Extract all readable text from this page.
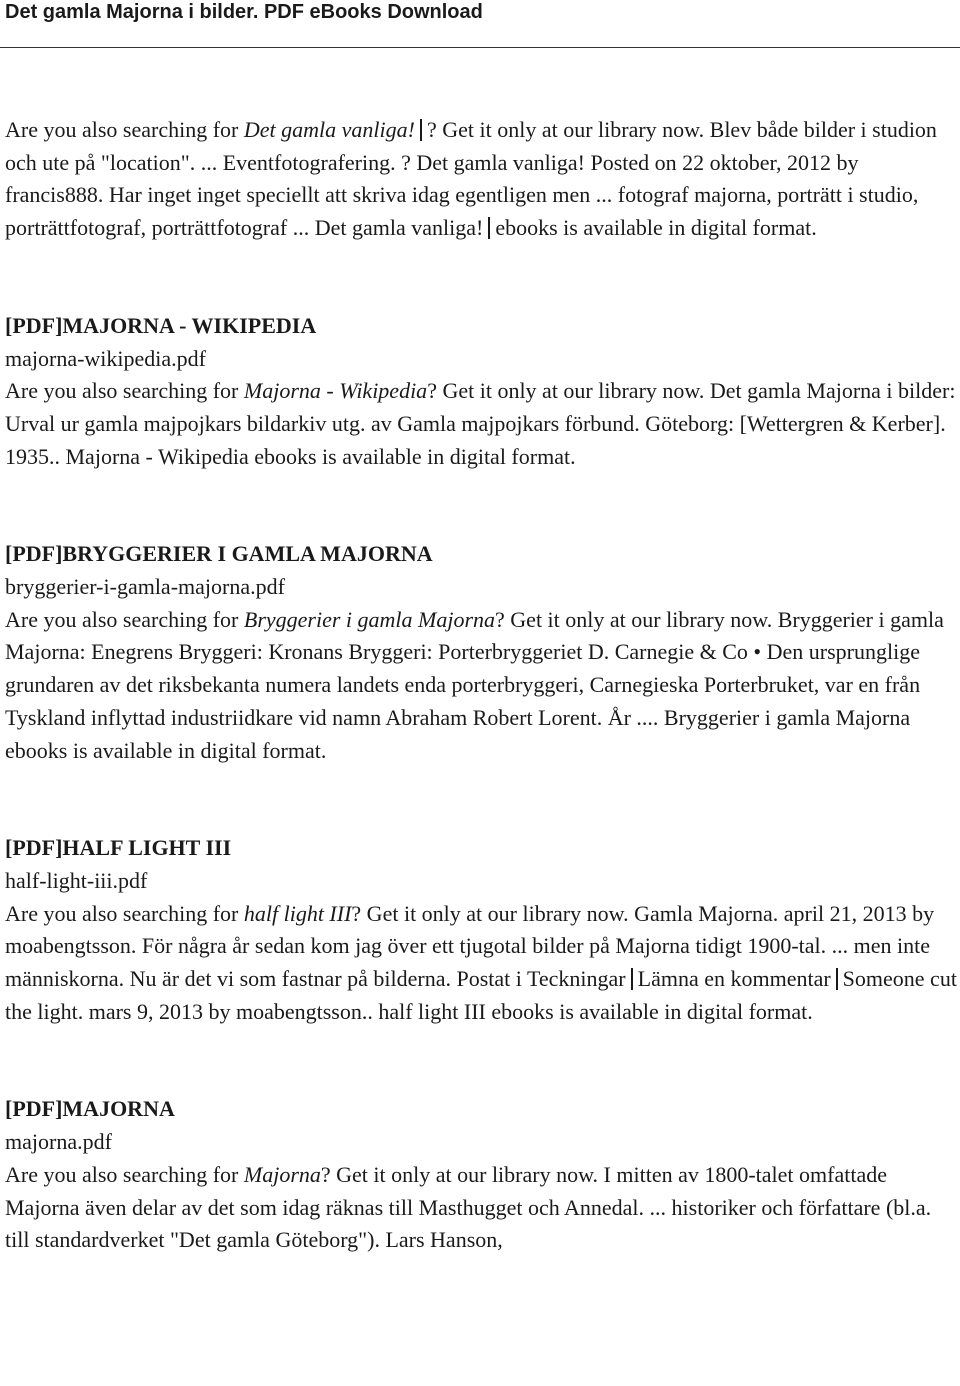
Det gamla Majorna i bilder. PDF eBooks Download

Are you also searching for Det gamla vanliga! ? Get it only at our library now. Blev både bilder i studion och ute på "location". ... Eventfotografering. ? Det gamla vanliga! Posted on 22 oktober, 2012 by francis888. Har inget inget speciellt att skriva idag egentligen men ... fotograf majorna, porträtt i studio, porträttfotograf, porträttfotograf ... Det gamla vanliga! ebooks is available in digital format.

[PDF]MAJORNA - WIKIPEDIA

majorna-wikipedia.pdf

Are you also searching for Majorna - Wikipedia? Get it only at our library now. Det gamla Majorna i bilder: Urval ur gamla majpojkars bildarkiv utg. av Gamla majpojkars förbund. Göteborg: [Wettergren & Kerber]. 1935.. Majorna - Wikipedia ebooks is available in digital format.

[PDF]BRYGGERIER I GAMLA MAJORNA

bryggerier-i-gamla-majorna.pdf

Are you also searching for Bryggerier i gamla Majorna? Get it only at our library now. Bryggerier i gamla Majorna: Enegrens Bryggeri: Kronans Bryggeri: Porterbryggeriet D. Carnegie & Co • Den ursprunglige grundaren av det riksbekanta numera landets enda porterbryggeri, Carnegieska Porterbruket, var en från Tyskland inflyttad industriidkare vid namn Abraham Robert Lorent. År .... Bryggerier i gamla Majorna ebooks is available in digital format.

[PDF]HALF LIGHT III

half-light-iii.pdf

Are you also searching for half light III? Get it only at our library now. Gamla Majorna. april 21, 2013 by moabengtsson. För några år sedan kom jag över ett tjugotal bilder på Majorna tidigt 1900-tal. ... men inte människorna. Nu är det vi som fastnar på bilderna. Postat i Teckningar Lämna en kommentar Someone cut the light. mars 9, 2013 by moabengtsson.. half light III ebooks is available in digital format.

[PDF]MAJORNA

majorna.pdf

Are you also searching for Majorna? Get it only at our library now. I mitten av 1800-talet omfattade Majorna även delar av det som idag räknas till Masthugget och Annedal. ... historiker och författare (bl.a. till standardverket "Det gamla Göteborg"). Lars Hanson,
